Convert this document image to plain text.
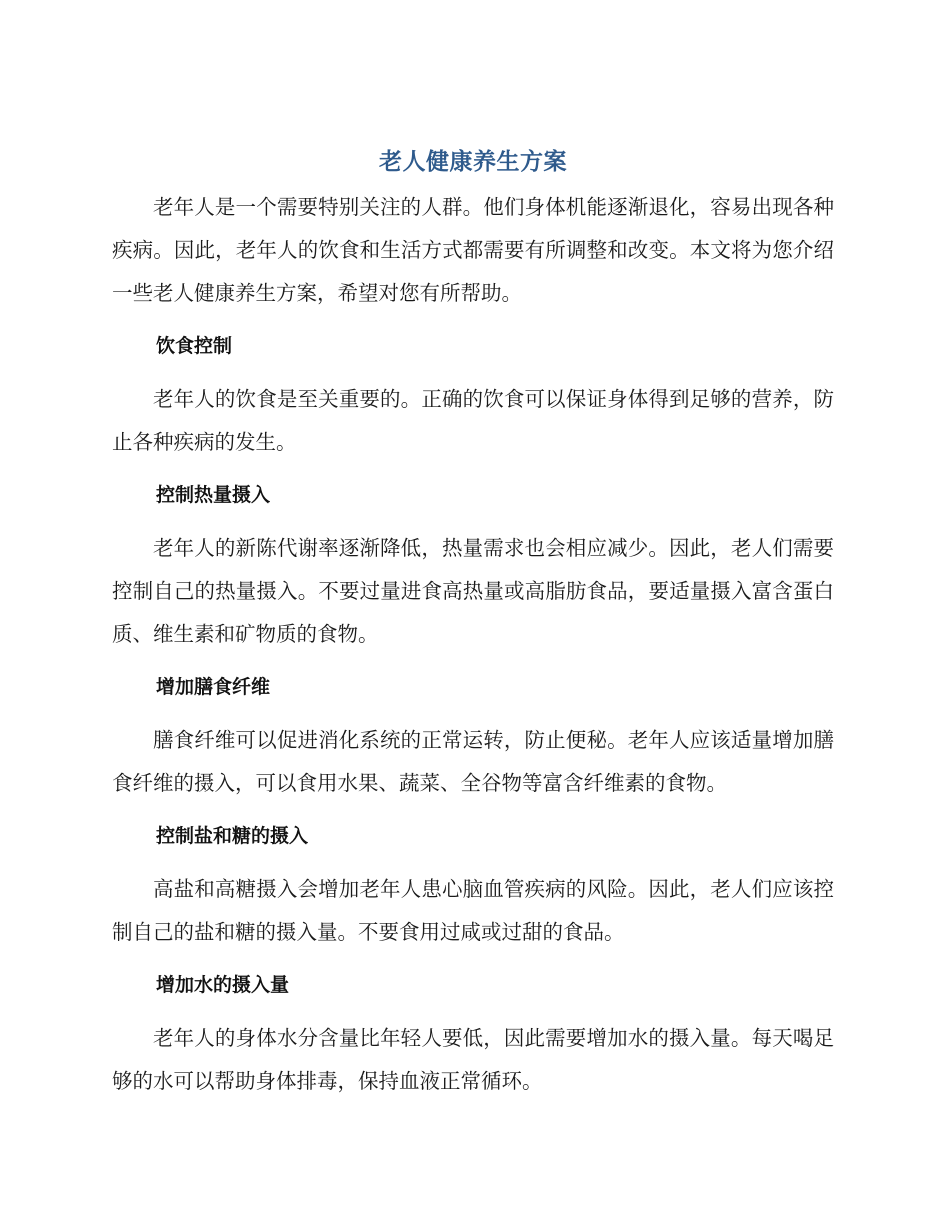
老人健康养生方案

老年人是一个需要特别关注的人群。他们身体机能逐渐退化，容易出现各种疾病。因此，老年人的饮食和生活方式都需要有所调整和改变。本文将为您介绍一些老人健康养生方案，希望对您有所帮助。

饮食控制

老年人的饮食是至关重要的。正确的饮食可以保证身体得到足够的营养，防止各种疾病的发生。

控制热量摄入

老年人的新陈代谢率逐渐降低，热量需求也会相应减少。因此，老人们需要控制自己的热量摄入。不要过量进食高热量或高脂肪食品，要适量摄入富含蛋白质、维生素和矿物质的食物。

增加膳食纤维

膳食纤维可以促进消化系统的正常运转，防止便秘。老年人应该适量增加膳食纤维的摄入，可以食用水果、蔬菜、全谷物等富含纤维素的食物。

控制盐和糖的摄入

高盐和高糖摄入会增加老年人患心脑血管疾病的风险。因此，老人们应该控制自己的盐和糖的摄入量。不要食用过咸或过甜的食品。

增加水的摄入量

老年人的身体水分含量比年轻人要低，因此需要增加水的摄入量。每天喝足够的水可以帮助身体排毒，保持血液正常循环。
